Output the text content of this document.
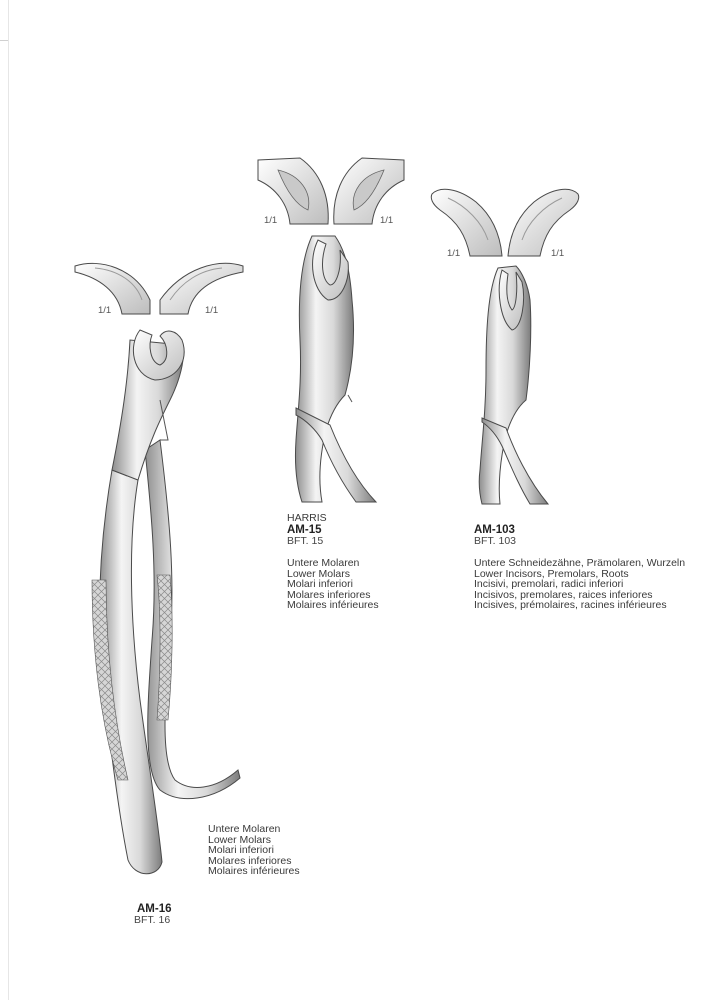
1/1	1/1
1/1	1/1
1/1	1/1
HARRIS
AM-15
BFT. 15
Untere Molaren
Lower Molars
Molari inferiori
Molares inferiores
Molaires inférieures
AM-103
BFT. 103
Untere Schneidezähne, Prämolaren, Wurzeln
Lower Incisors, Premolars, Roots
Incisivi, premolari, radici inferiori
Incisivos, premolares, raices inferiores
Incisives, prémolaires, racines inférieures
Untere Molaren
Lower Molars
Molari inferiori
Molares inferiores
Molaires inférieures
AM-16
BFT. 16
